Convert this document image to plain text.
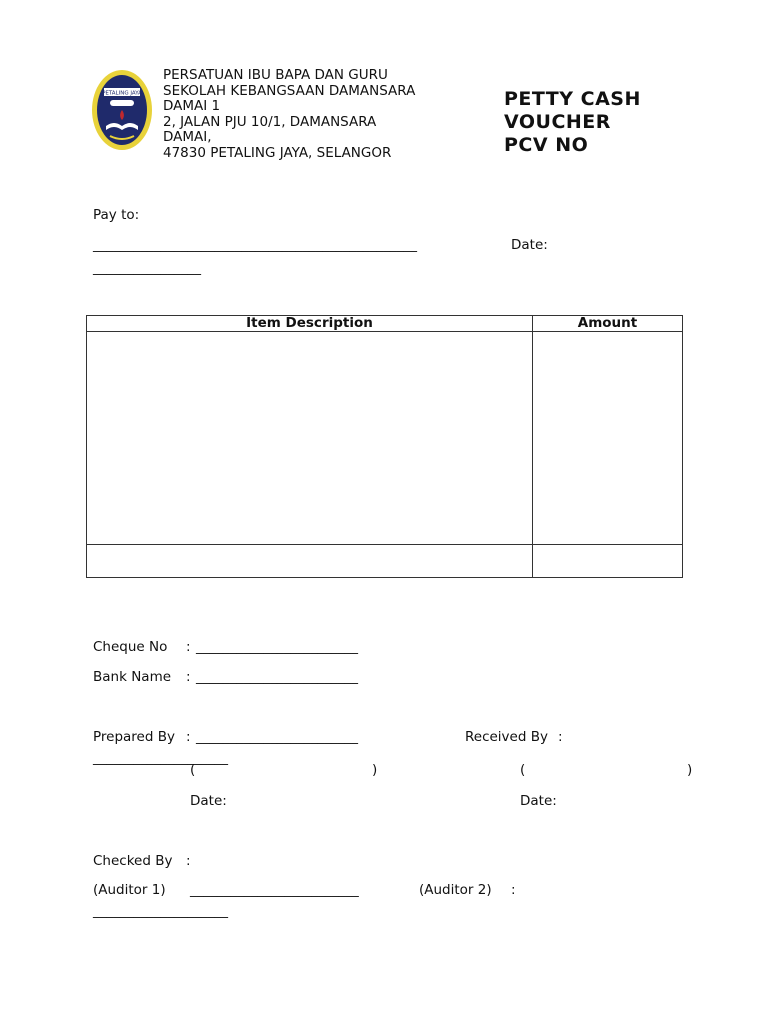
PETALING JAYA
PERSATUAN IBU BAPA DAN GURU
SEKOLAH KEBANGSAAN DAMANSARA
DAMAI 1
2, JALAN PJU 10/1, DAMANSARA
DAMAI,
47830 PETALING JAYA, SELANGOR
PETTY CASH
VOUCHER
PCV NO
Pay to:
________________________________________________	Date:
________________
Item Description	Amount

Cheque No : ________________________
Bank Name : ________________________
Prepared By : ________________________	Received By :
____________________
(	)	(	)
Date:	Date:
Checked By :
(Auditor 1) _________________________	(Auditor 2) :
____________________
